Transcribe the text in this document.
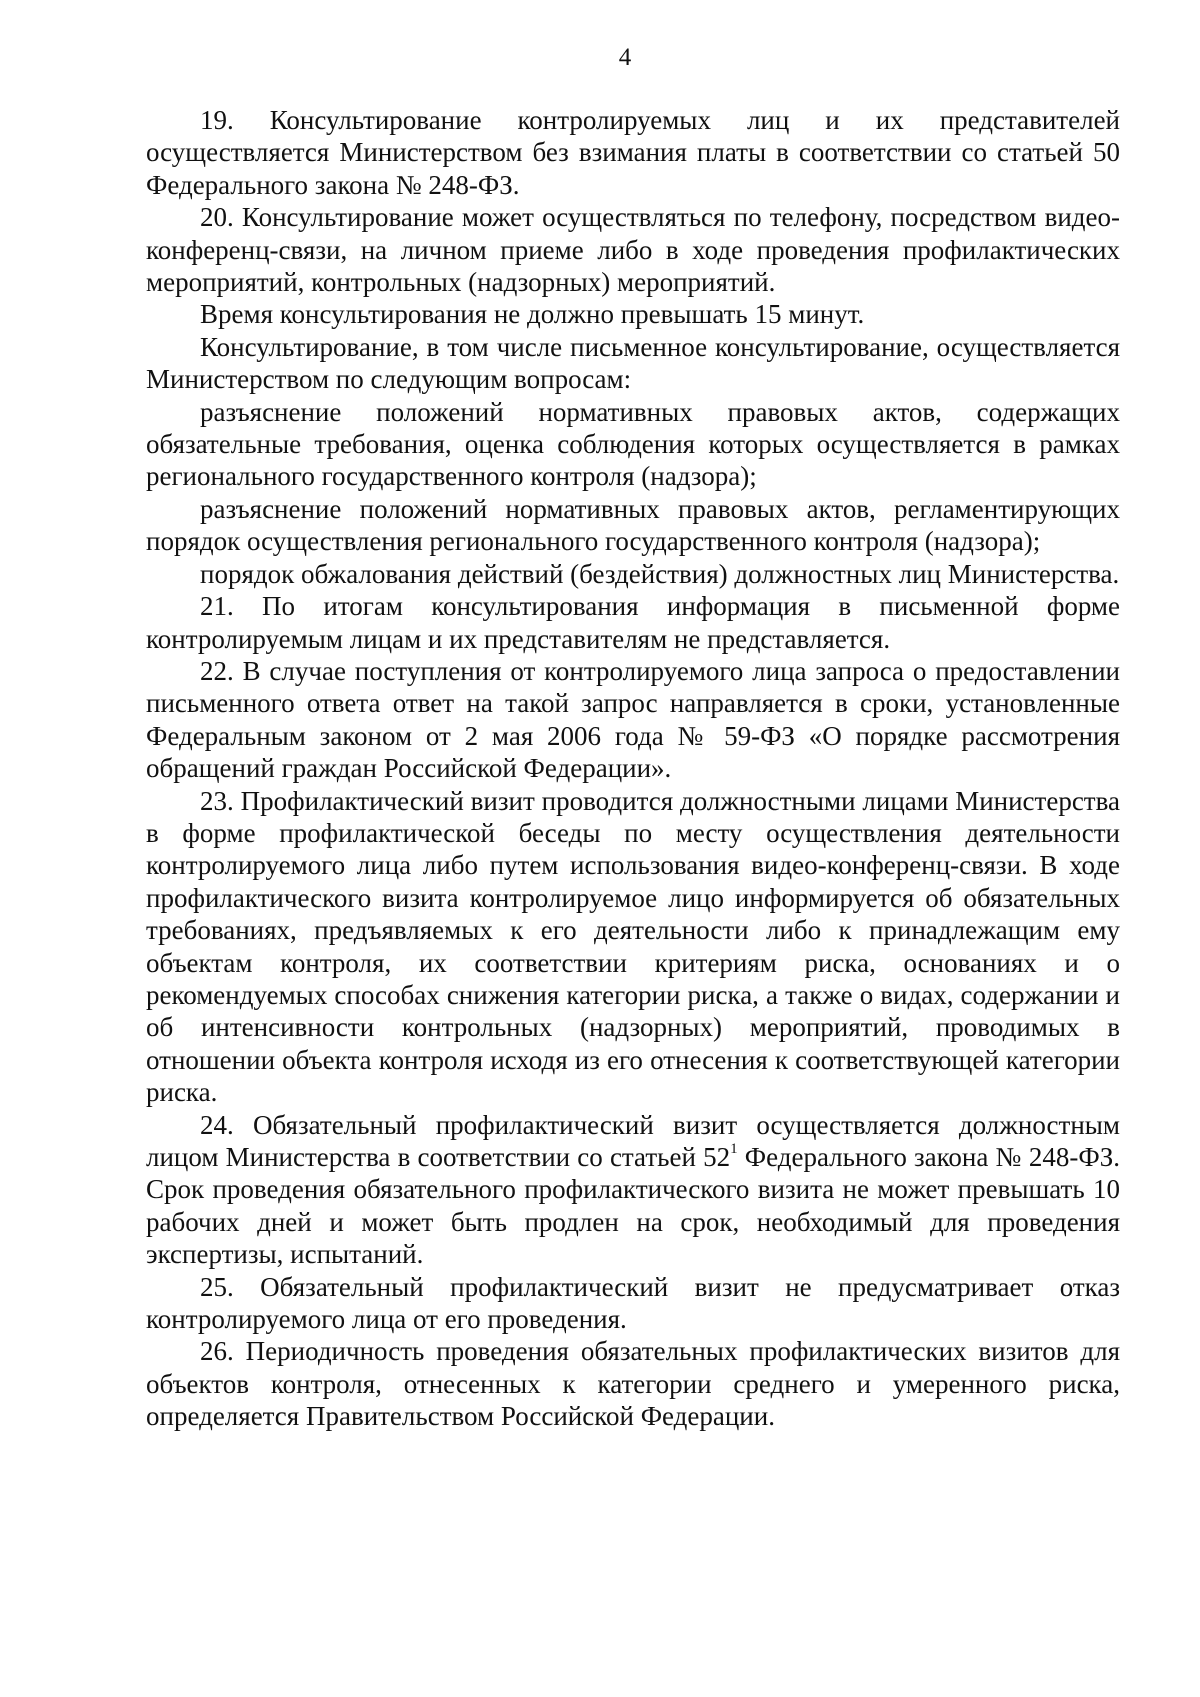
4

19. Консультирование контролируемых лиц и их представителей осуществляется Министерством без взимания платы в соответствии со статьей 50 Федерального закона № 248-ФЗ.

20. Консультирование может осуществляться по телефону, посредством видео-конференц-связи, на личном приеме либо в ходе проведения профилактических мероприятий, контрольных (надзорных) мероприятий.

Время консультирования не должно превышать 15 минут.

Консультирование, в том числе письменное консультирование, осуществляется Министерством по следующим вопросам:

разъяснение положений нормативных правовых актов, содержащих обязательные требования, оценка соблюдения которых осуществляется в рамках регионального государственного контроля (надзора);

разъяснение положений нормативных правовых актов, регламентирующих порядок осуществления регионального государственного контроля (надзора);

порядок обжалования действий (бездействия) должностных лиц Министерства.

21. По итогам консультирования информация в письменной форме контролируемым лицам и их представителям не представляется.

22. В случае поступления от контролируемого лица запроса о предоставлении письменного ответа ответ на такой запрос направляется в сроки, установленные Федеральным законом от 2 мая 2006 года № 59-ФЗ «О порядке рассмотрения обращений граждан Российской Федерации».

23. Профилактический визит проводится должностными лицами Министерства в форме профилактической беседы по месту осуществления деятельности контролируемого лица либо путем использования видео-конференц-связи. В ходе профилактического визита контролируемое лицо информируется об обязательных требованиях, предъявляемых к его деятельности либо к принадлежащим ему объектам контроля, их соответствии критериям риска, основаниях и о рекомендуемых способах снижения категории риска, а также о видах, содержании и об интенсивности контрольных (надзорных) мероприятий, проводимых в отношении объекта контроля исходя из его отнесения к соответствующей категории риска.

24. Обязательный профилактический визит осуществляется должностным лицом Министерства в соответствии со статьей $52^1$ Федерального закона № 248-ФЗ. Срок проведения обязательного профилактического визита не может превышать 10 рабочих дней и может быть продлен на срок, необходимый для проведения экспертизы, испытаний.

25. Обязательный профилактический визит не предусматривает отказ контролируемого лица от его проведения.

26. Периодичность проведения обязательных профилактических визитов для объектов контроля, отнесенных к категории среднего и умеренного риска, определяется Правительством Российской Федерации.
